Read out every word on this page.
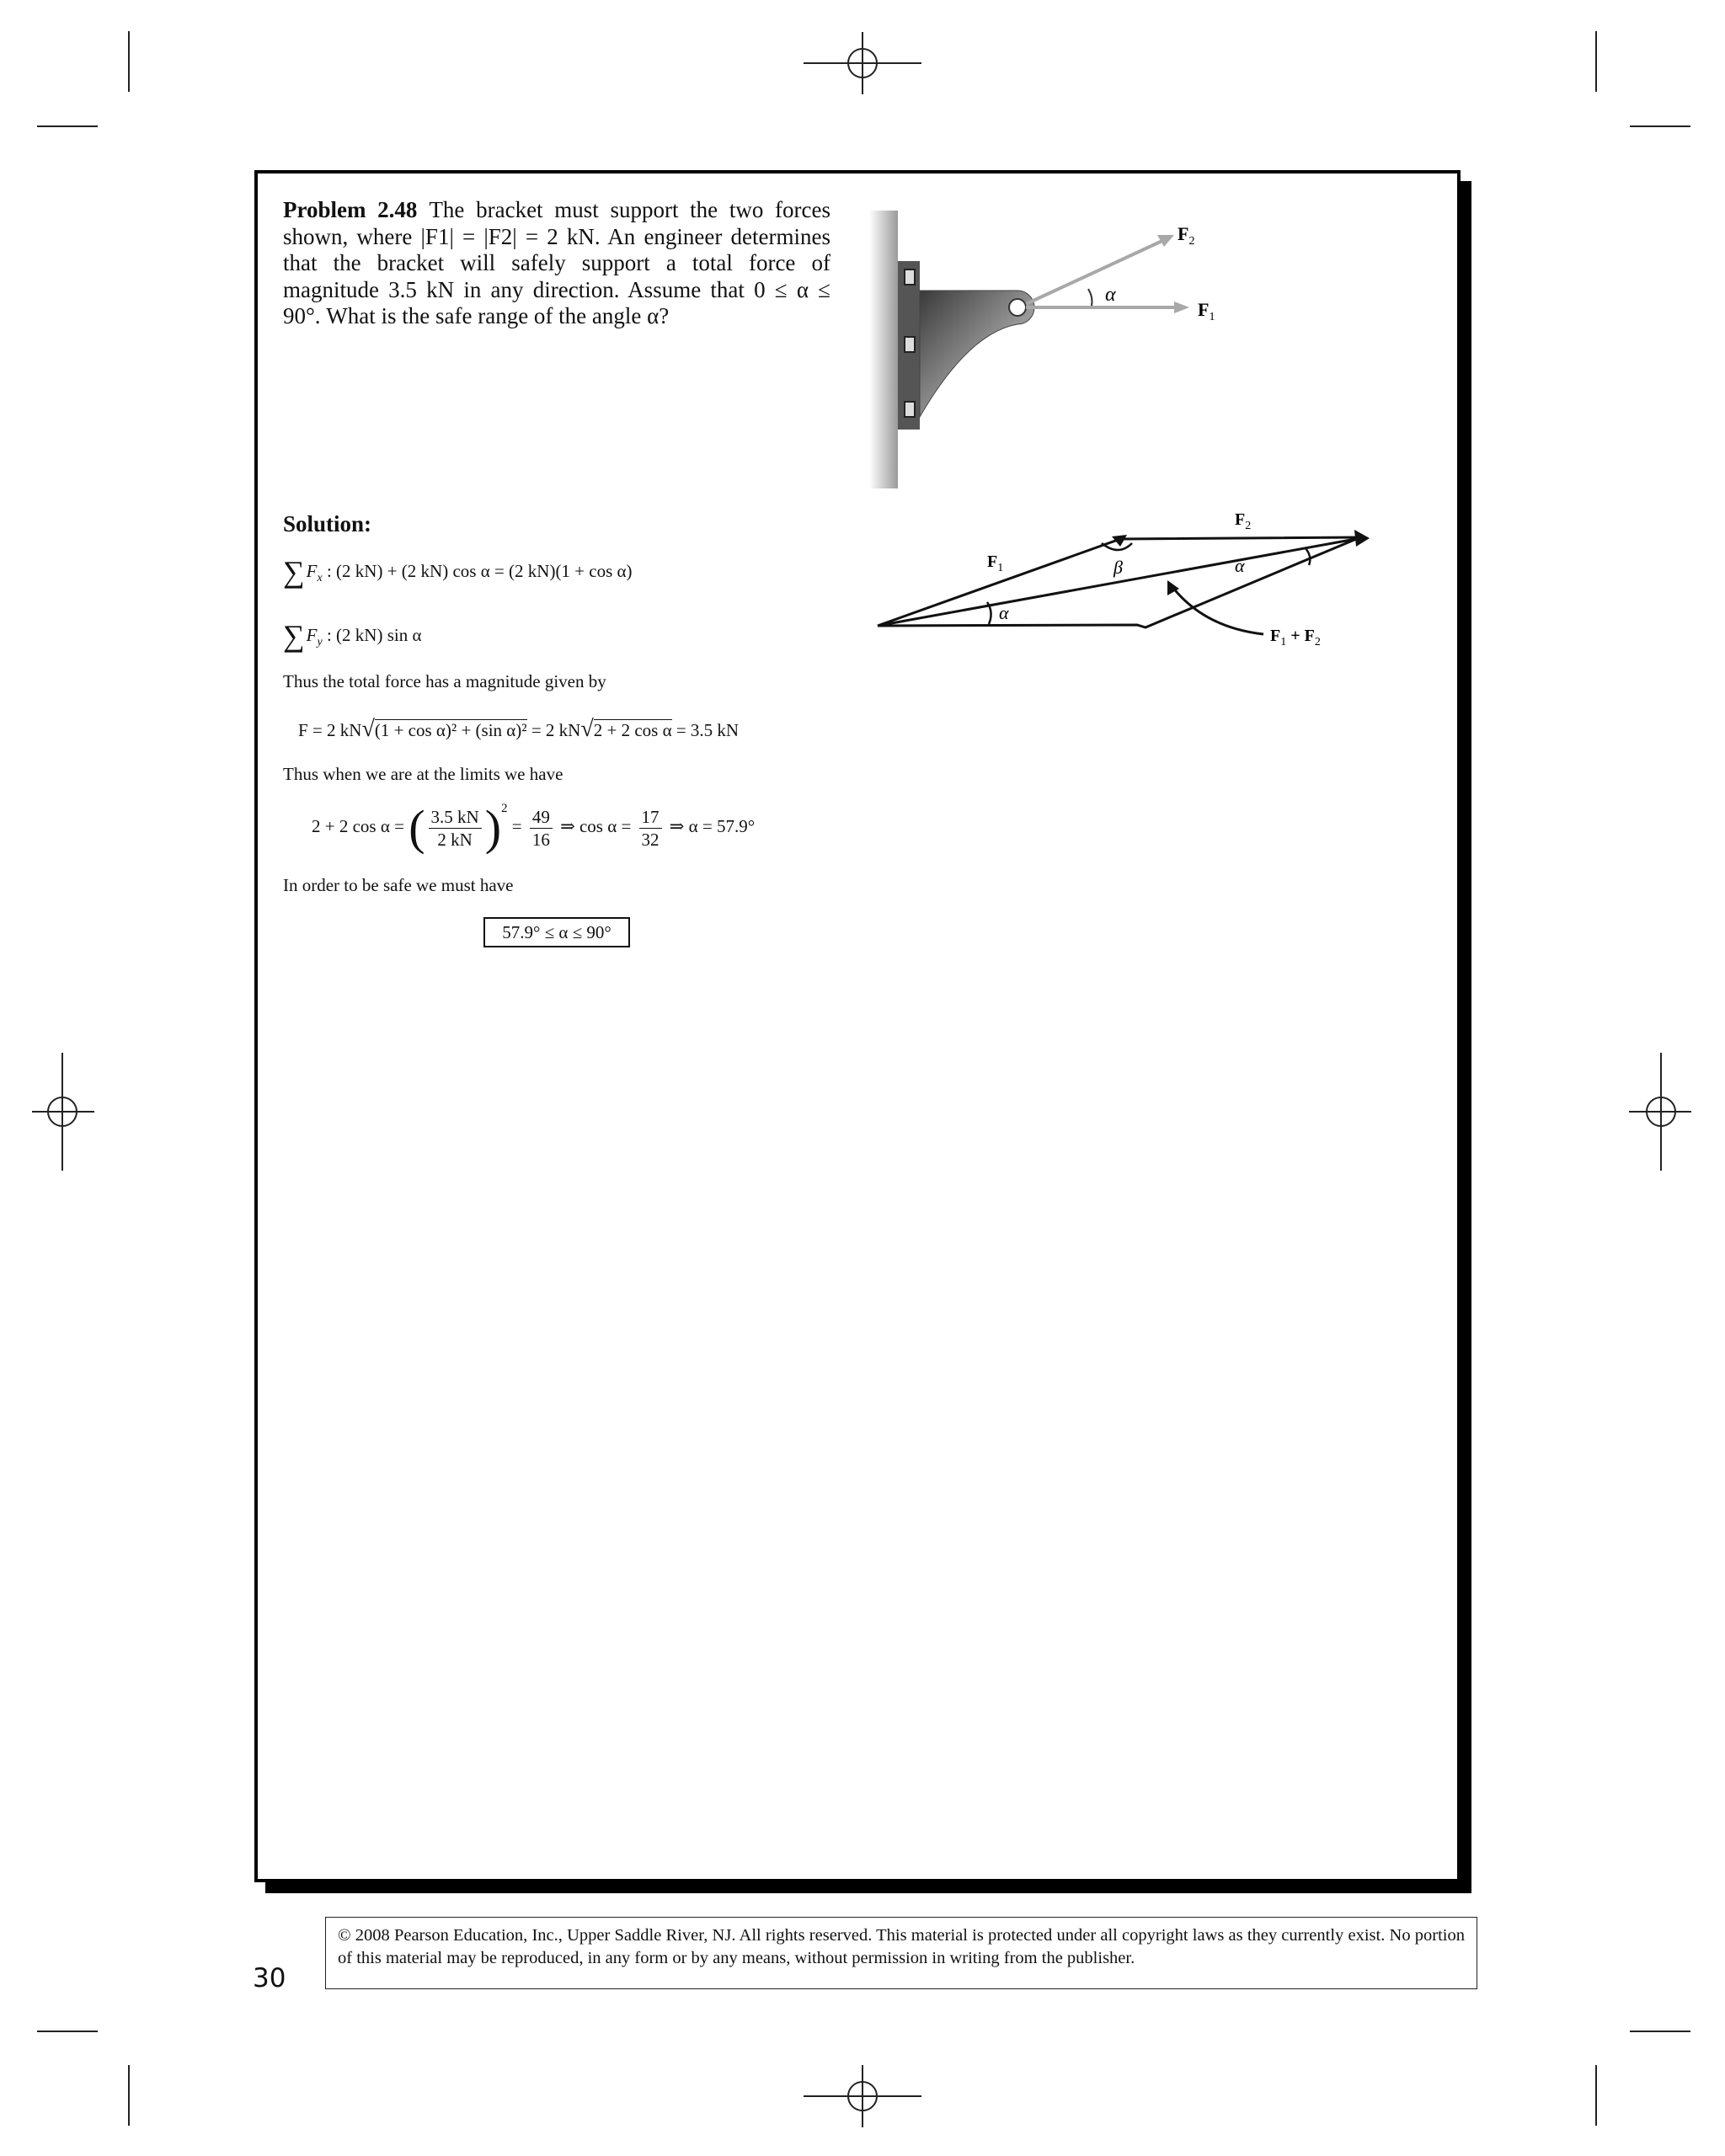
Problem 2.48 The bracket must support the two forces shown, where |F1| = |F2| = 2 kN. An engineer determines that the bracket will safely support a total force of magnitude 3.5 kN in any direction. Assume that 0 ≤ α ≤ 90°. What is the safe range of the angle α?
α
$F_2$
$F_1$
$F_2$
$F_1$	β	α
α
$F_1 + F_2$
Solution:
$\sum F_x$ : (2 kN) + (2 kN) cos α = (2 kN)(1 + cos α)
$\sum F_y$ : (2 kN) sin α
Thus the total force has a magnitude given by
F = 2 kN√(1 + cos α)² + (sin α)² = 2 kN√2 + 2 cos α = 3.5 kN
Thus when we are at the limits we have
2 + 2 cos α = ( $\frac{3.5 kN}{2 kN} )^2 = \frac{49}{16}$ ⇒ $\cos \alpha = \frac{17}{32}$ ⇒ α = 57.9°
In order to be safe we must have
57.9° ≤ α ≤ 90°
© 2008 Pearson Education, Inc., Upper Saddle River, NJ. All rights reserved. This material is protected under all copyright laws as they currently exist. No portion of this material may be reproduced, in any form or by any means, without permission in writing from the publisher.
30
